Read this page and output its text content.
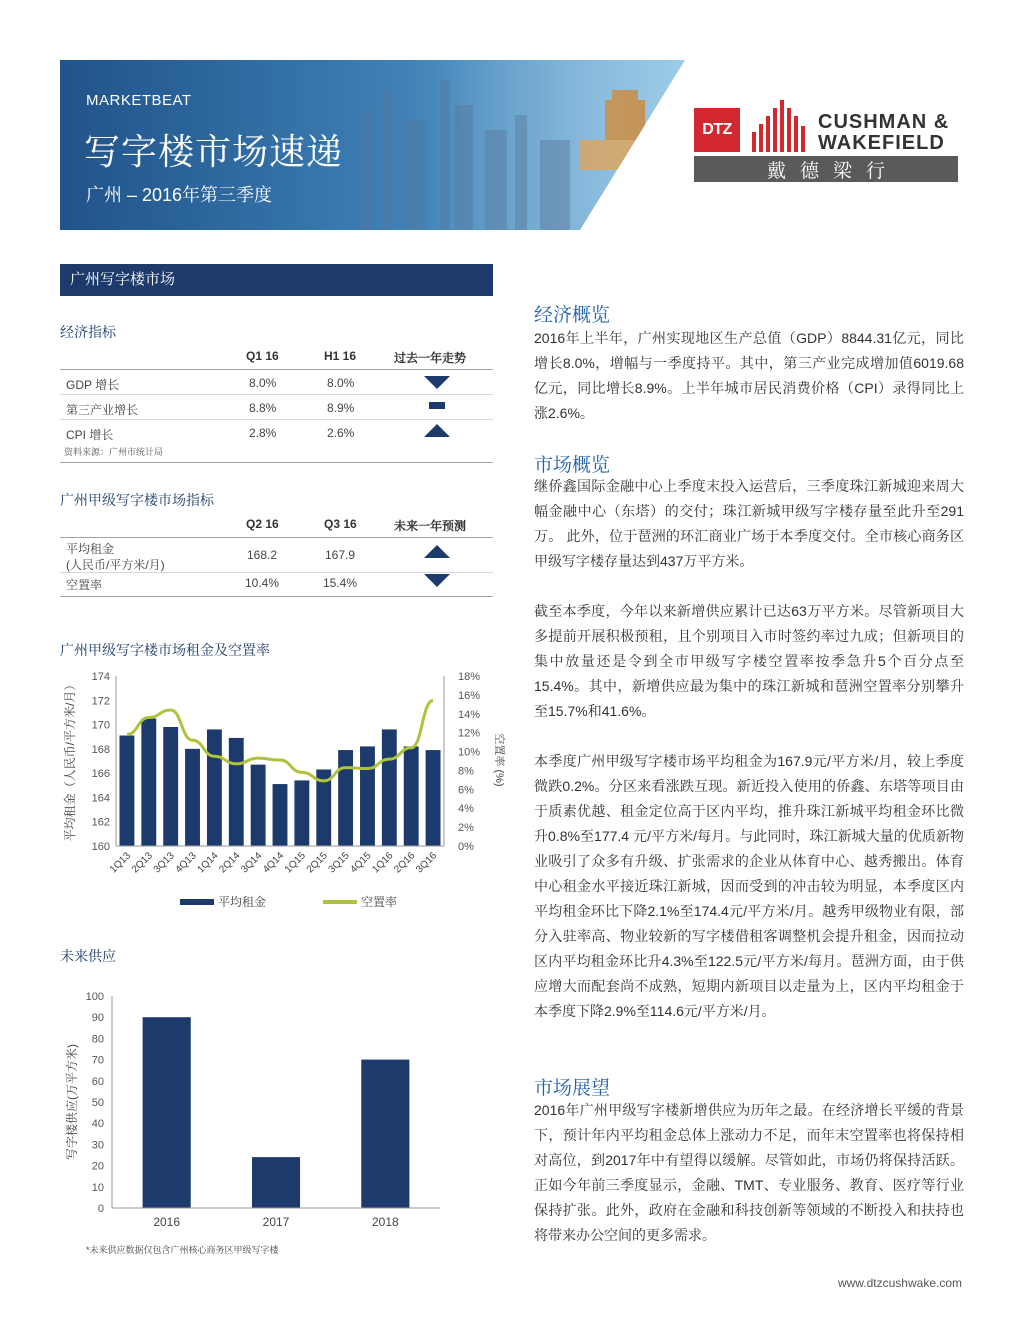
MARKETBEAT
写字楼市场速递
广州 – 2016年第三季度
DTZ	CUSHMAN &
WAKEFIELD
戴德梁行
广州写字楼市场
经济指标
Q1 16	H1 16	过去一年走势
GDP 增长	8.0%	8.0%
第三产业增长	8.8%	8.9%
CPI 增长	2.8%	2.6%
资料来源：广州市统计局
广州甲级写字楼市场指标
Q2 16	Q3 16	未来一年预测
平均租金
(人民币/平方米/月)
168.2	167.9
空置率	10.4%	15.4%
广州甲级写字楼市场租金及空置率
160
162
164
166
168
170
172
174
0%
2%
4%
6%
8%
10%
12%
14%
16%
18%
1Q13
2Q13
3Q13
4Q13
1Q14
2Q14
3Q14
4Q14
1Q15
2Q15
3Q15
4Q15
1Q16
2Q16
3Q16
平均租金（人民币/平方米/月）	空置率 (%)
平均租金	空置率
未来供应
0
10
20
30
40
50
60
70
80
90
100
2016	2017	2018
写字楼供应(万平方米)
*未来供应数据仅包含广州核心商务区甲级写字楼
经济概览

2016年上半年，广州实现地区生产总值（GDP）8844.31亿元，同比增长8.0%，增幅与一季度持平。其中，第三产业完成增加值6019.68亿元，同比增长8.9%。上半年城市居民消费价格（CPI）录得同比上涨2.6%。

市场概览

继侨鑫国际金融中心上季度末投入运营后，三季度珠江新城迎来周大幅金融中心（东塔）的交付；珠江新城甲级写字楼存量至此升至291万。 此外，位于琶洲的环汇商业广场于本季度交付。全市核心商务区甲级写字楼存量达到437万平方米。

截至本季度，今年以来新增供应累计已达63万平方米。尽管新项目大多提前开展积极预租，且个别项目入市时签约率过九成；但新项目的集中放量还是令到全市甲级写字楼空置率按季急升5个百分点至15.4%。其中，新增供应最为集中的珠江新城和琶洲空置率分别攀升至15.7%和41.6%。

本季度广州甲级写字楼市场平均租金为167.9元/平方米/月，较上季度微跌0.2%。分区来看涨跌互现。新近投入使用的侨鑫、东塔等项目由于质素优越、租金定位高于区内平均，推升珠江新城平均租金环比微升0.8%至177.4 元/平方米/每月。与此同时，珠江新城大量的优质新物业吸引了众多有升级、扩张需求的企业从体育中心、越秀搬出。体育中心租金水平接近珠江新城，因而受到的冲击较为明显，本季度区内平均租金环比下降2.1%至174.4元/平方米/月。越秀甲级物业有限，部分入驻率高、物业较新的写字楼借租客调整机会提升租金，因而拉动区内平均租金环比升4.3%至122.5元/平方米/每月。琶洲方面，由于供应增大而配套尚不成熟，短期内新项目以走量为上，区内平均租金于本季度下降2.9%至114.6元/平方米/月。

市场展望

2016年广州甲级写字楼新增供应为历年之最。在经济增长平缓的背景下，预计年内平均租金总体上涨动力不足，而年末空置率也将保持相对高位，到2017年中有望得以缓解。尽管如此，市场仍将保持活跃。正如今年前三季度显示，金融、TMT、专业服务、教育、医疗等行业保持扩张。此外，政府在金融和科技创新等领域的不断投入和扶持也将带来办公空间的更多需求。

www.dtzcushwake.com
